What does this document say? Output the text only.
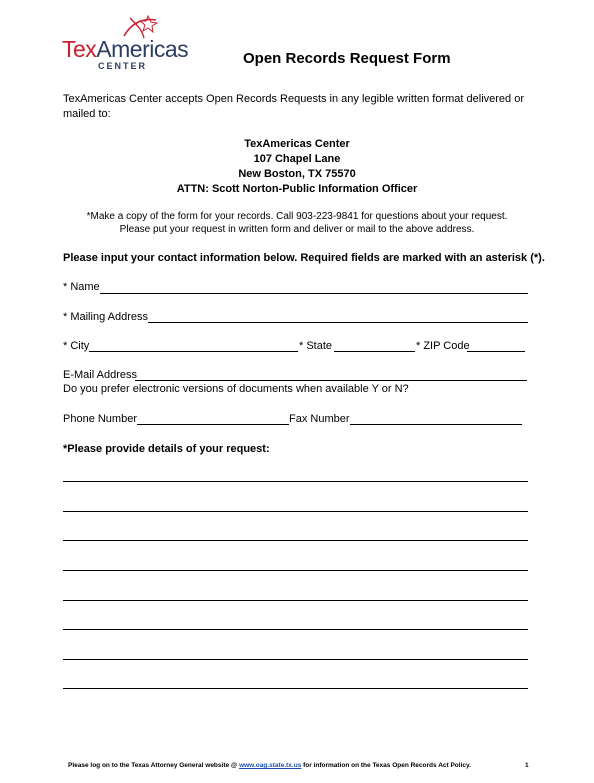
TexAmericas
CENTER	Open Records Request Form
TexAmericas Center accepts Open Records Requests in any legible written format delivered or mailed to:
TexAmericas Center
107 Chapel Lane
New Boston, TX 75570
ATTN: Scott Norton-Public Information Officer
*Make a copy of the form for your records. Call 903-223-9841 for questions about your request.
Please put your request in written form and deliver or mail to the above address.
Please input your contact information below. Required fields are marked with an asterisk (*).
* Name
* Mailing Address
* City	* State	* ZIP Code
E-Mail Address
Do you prefer electronic versions of documents when available Y or N?
Phone Number	Fax Number
*Please provide details of your request:
Please log on to the Texas Attorney General website @ www.oag.state.tx.us for information on the Texas Open Records Act Policy.	1
